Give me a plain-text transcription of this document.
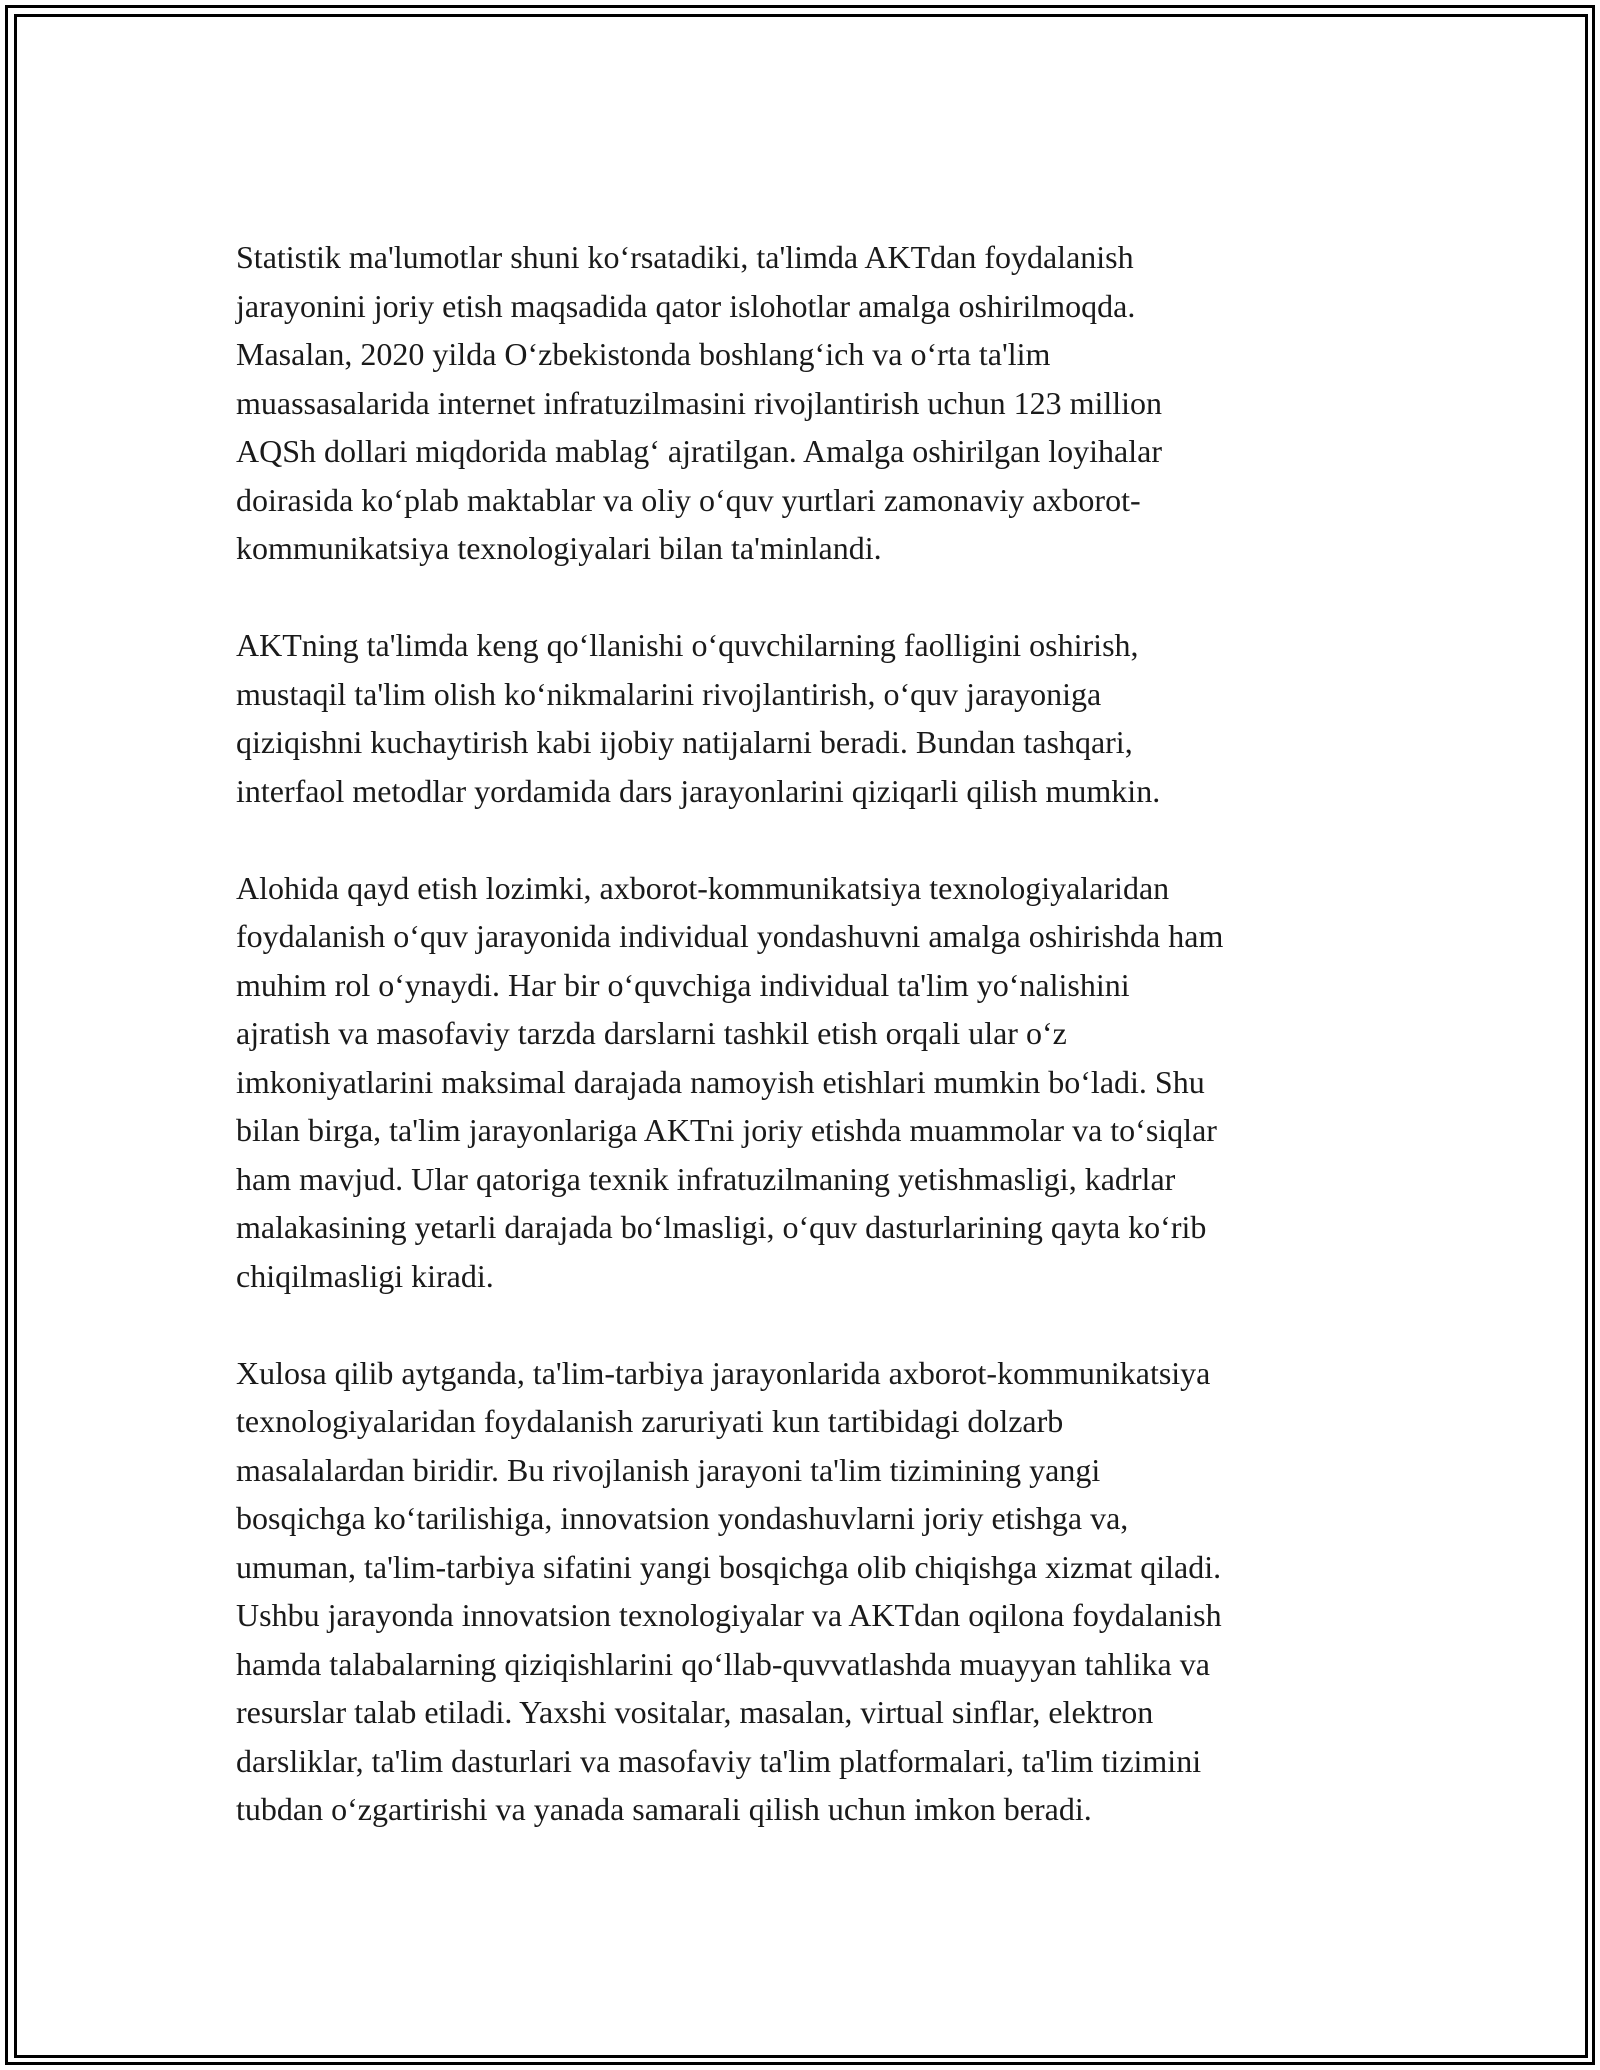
Statistik ma'lumotlar shuni koʻrsatadiki, ta'limda AKTdan foydalanish
jarayonini joriy etish maqsadida qator islohotlar amalga oshirilmoqda.
Masalan, 2020 yilda Oʻzbekistonda boshlangʻich va oʻrta ta'lim
muassasalarida internet infratuzilmasini rivojlantirish uchun 123 million
AQSh dollari miqdorida mablagʻ ajratilgan. Amalga oshirilgan loyihalar
doirasida koʻplab maktablar va oliy oʻquv yurtlari zamonaviy axborot-
kommunikatsiya texnologiyalari bilan ta'minlandi.

AKTning ta'limda keng qoʻllanishi oʻquvchilarning faolligini oshirish,
mustaqil ta'lim olish koʻnikmalarini rivojlantirish, oʻquv jarayoniga
qiziqishni kuchaytirish kabi ijobiy natijalarni beradi. Bundan tashqari,
interfaol metodlar yordamida dars jarayonlarini qiziqarli qilish mumkin.

Alohida qayd etish lozimki, axborot-kommunikatsiya texnologiyalaridan
foydalanish oʻquv jarayonida individual yondashuvni amalga oshirishda ham
muhim rol oʻynaydi. Har bir oʻquvchiga individual ta'lim yoʻnalishini
ajratish va masofaviy tarzda darslarni tashkil etish orqali ular oʻz
imkoniyatlarini maksimal darajada namoyish etishlari mumkin boʻladi. Shu
bilan birga, ta'lim jarayonlariga AKTni joriy etishda muammolar va toʻsiqlar
ham mavjud. Ular qatoriga texnik infratuzilmaning yetishmasligi, kadrlar
malakasining yetarli darajada boʻlmasligi, oʻquv dasturlarining qayta koʻrib
chiqilmasligi kiradi.

Xulosa qilib aytganda, ta'lim-tarbiya jarayonlarida axborot-kommunikatsiya
texnologiyalaridan foydalanish zaruriyati kun tartibidagi dolzarb
masalalardan biridir. Bu rivojlanish jarayoni ta'lim tizimining yangi
bosqichga koʻtarilishiga, innovatsion yondashuvlarni joriy etishga va,
umuman, ta'lim-tarbiya sifatini yangi bosqichga olib chiqishga xizmat qiladi.
Ushbu jarayonda innovatsion texnologiyalar va AKTdan oqilona foydalanish
hamda talabalarning qiziqishlarini qoʻllab-quvvatlashda muayyan tahlika va
resurslar talab etiladi. Yaxshi vositalar, masalan, virtual sinflar, elektron
darsliklar, ta'lim dasturlari va masofaviy ta'lim platformalari, ta'lim tizimini
tubdan oʻzgartirishi va yanada samarali qilish uchun imkon beradi.
